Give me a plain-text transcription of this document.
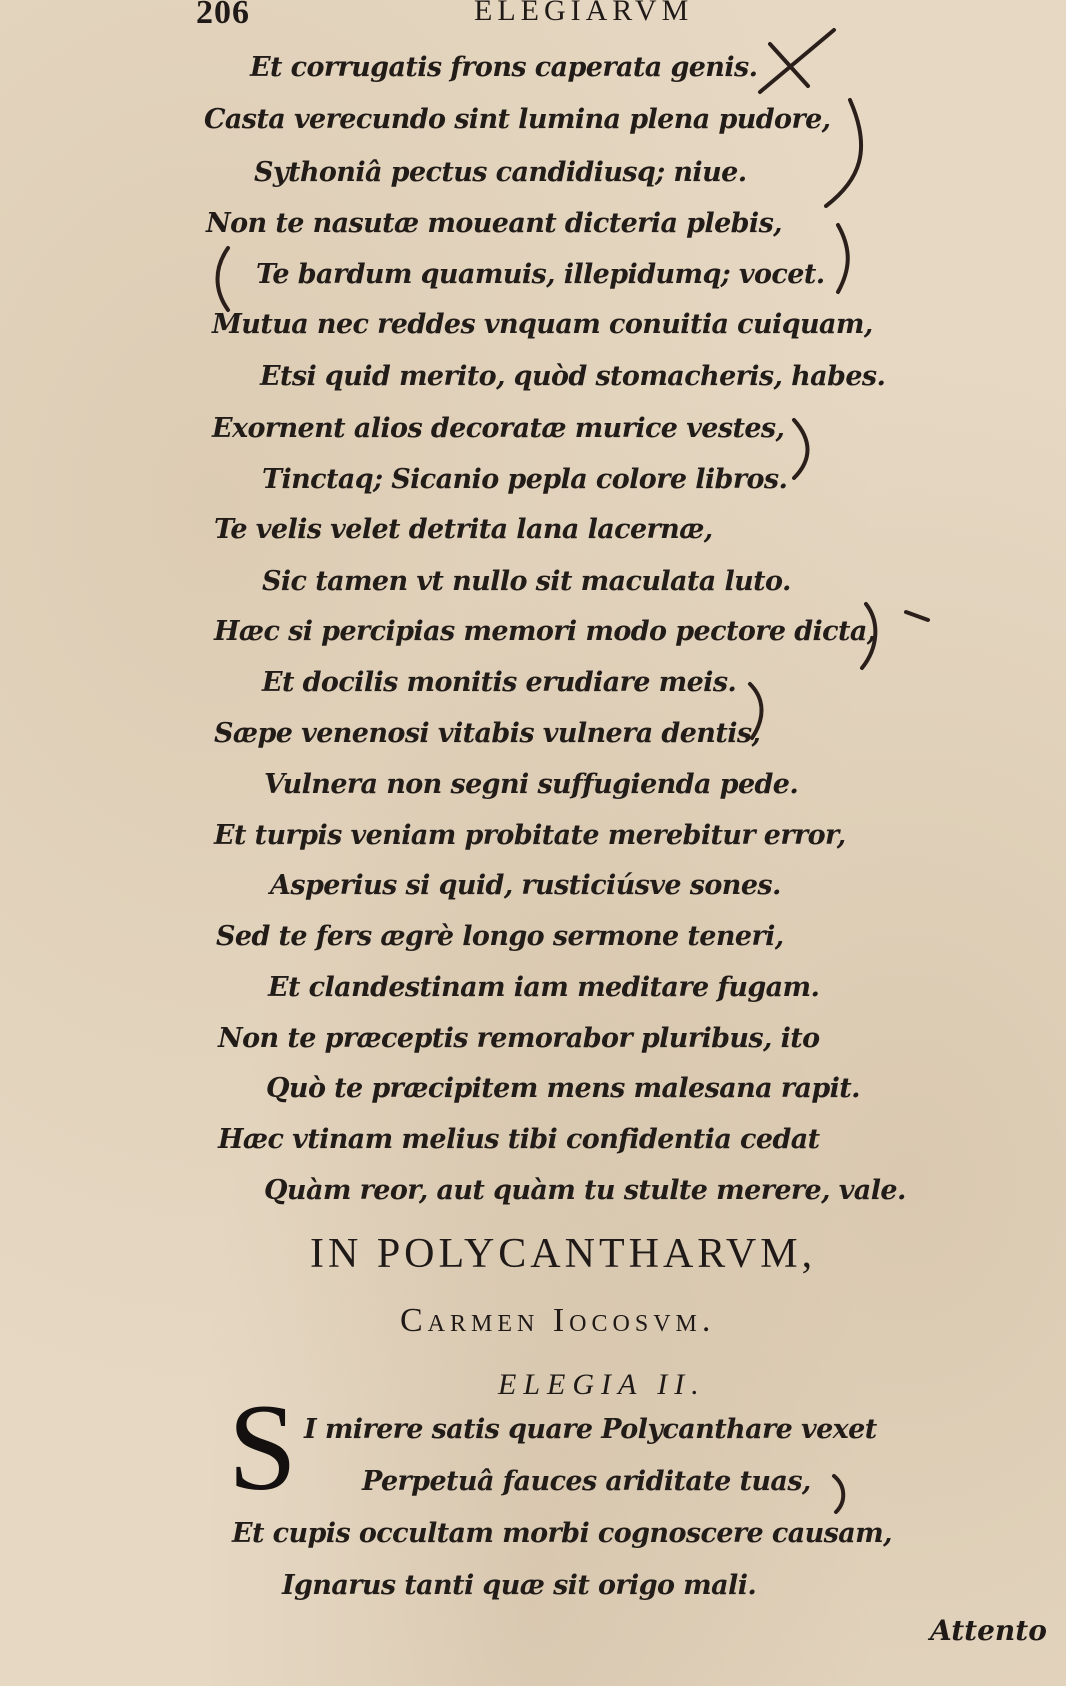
206	ELEGIARVM
Et corrugatis frons caperata genis.
Casta verecundo sint lumina plena pudore,
Sythoniâ pectus candidiusq; niue.
Non te nasutæ moueant dicteria plebis,
Te bardum quamuis, illepidumq; vocet.
Mutua nec reddes vnquam conuitia cuiquam,
Etsi quid merito, quòd stomacheris, habes.
Exornent alios decoratæ murice vestes,
Tinctaq; Sicanio pepla colore libros.
Te velis velet detrita lana lacernæ,
Sic tamen vt nullo sit maculata luto.
Hæc si percipias memori modo pectore dicta,
Et docilis monitis erudiare meis.
Sæpe venenosi vitabis vulnera dentis,
Vulnera non segni suffugienda pede.
Et turpis veniam probitate merebitur error,
Asperius si quid, rusticiúsve sones.
Sed te fers ægrè longo sermone teneri,
Et clandestinam iam meditare fugam.
Non te præceptis remorabor pluribus, ito
Quò te præcipitem mens malesana rapit.
Hæc vtinam melius tibi confidentia cedat
Quàm reor, aut quàm tu stulte merere, vale.
IN POLYCANTHARVM,
Carmen Iocosvm.
ELEGIA II.
S I mirere satis quare Polycanthare vexet
Perpetuâ fauces ariditate tuas,
Et cupis occultam morbi cognoscere causam,
Ignarus tanti quæ sit origo mali.
Attento
